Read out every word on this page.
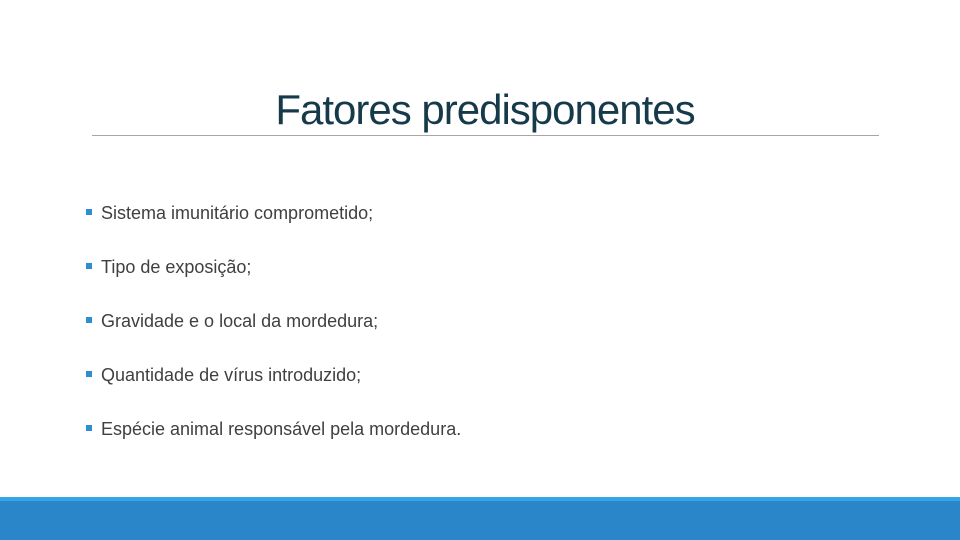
Fatores predisponentes
Sistema imunitário comprometido;
Tipo de exposição;
Gravidade e o local da mordedura;
Quantidade de vírus introduzido;
Espécie animal responsável pela mordedura.
